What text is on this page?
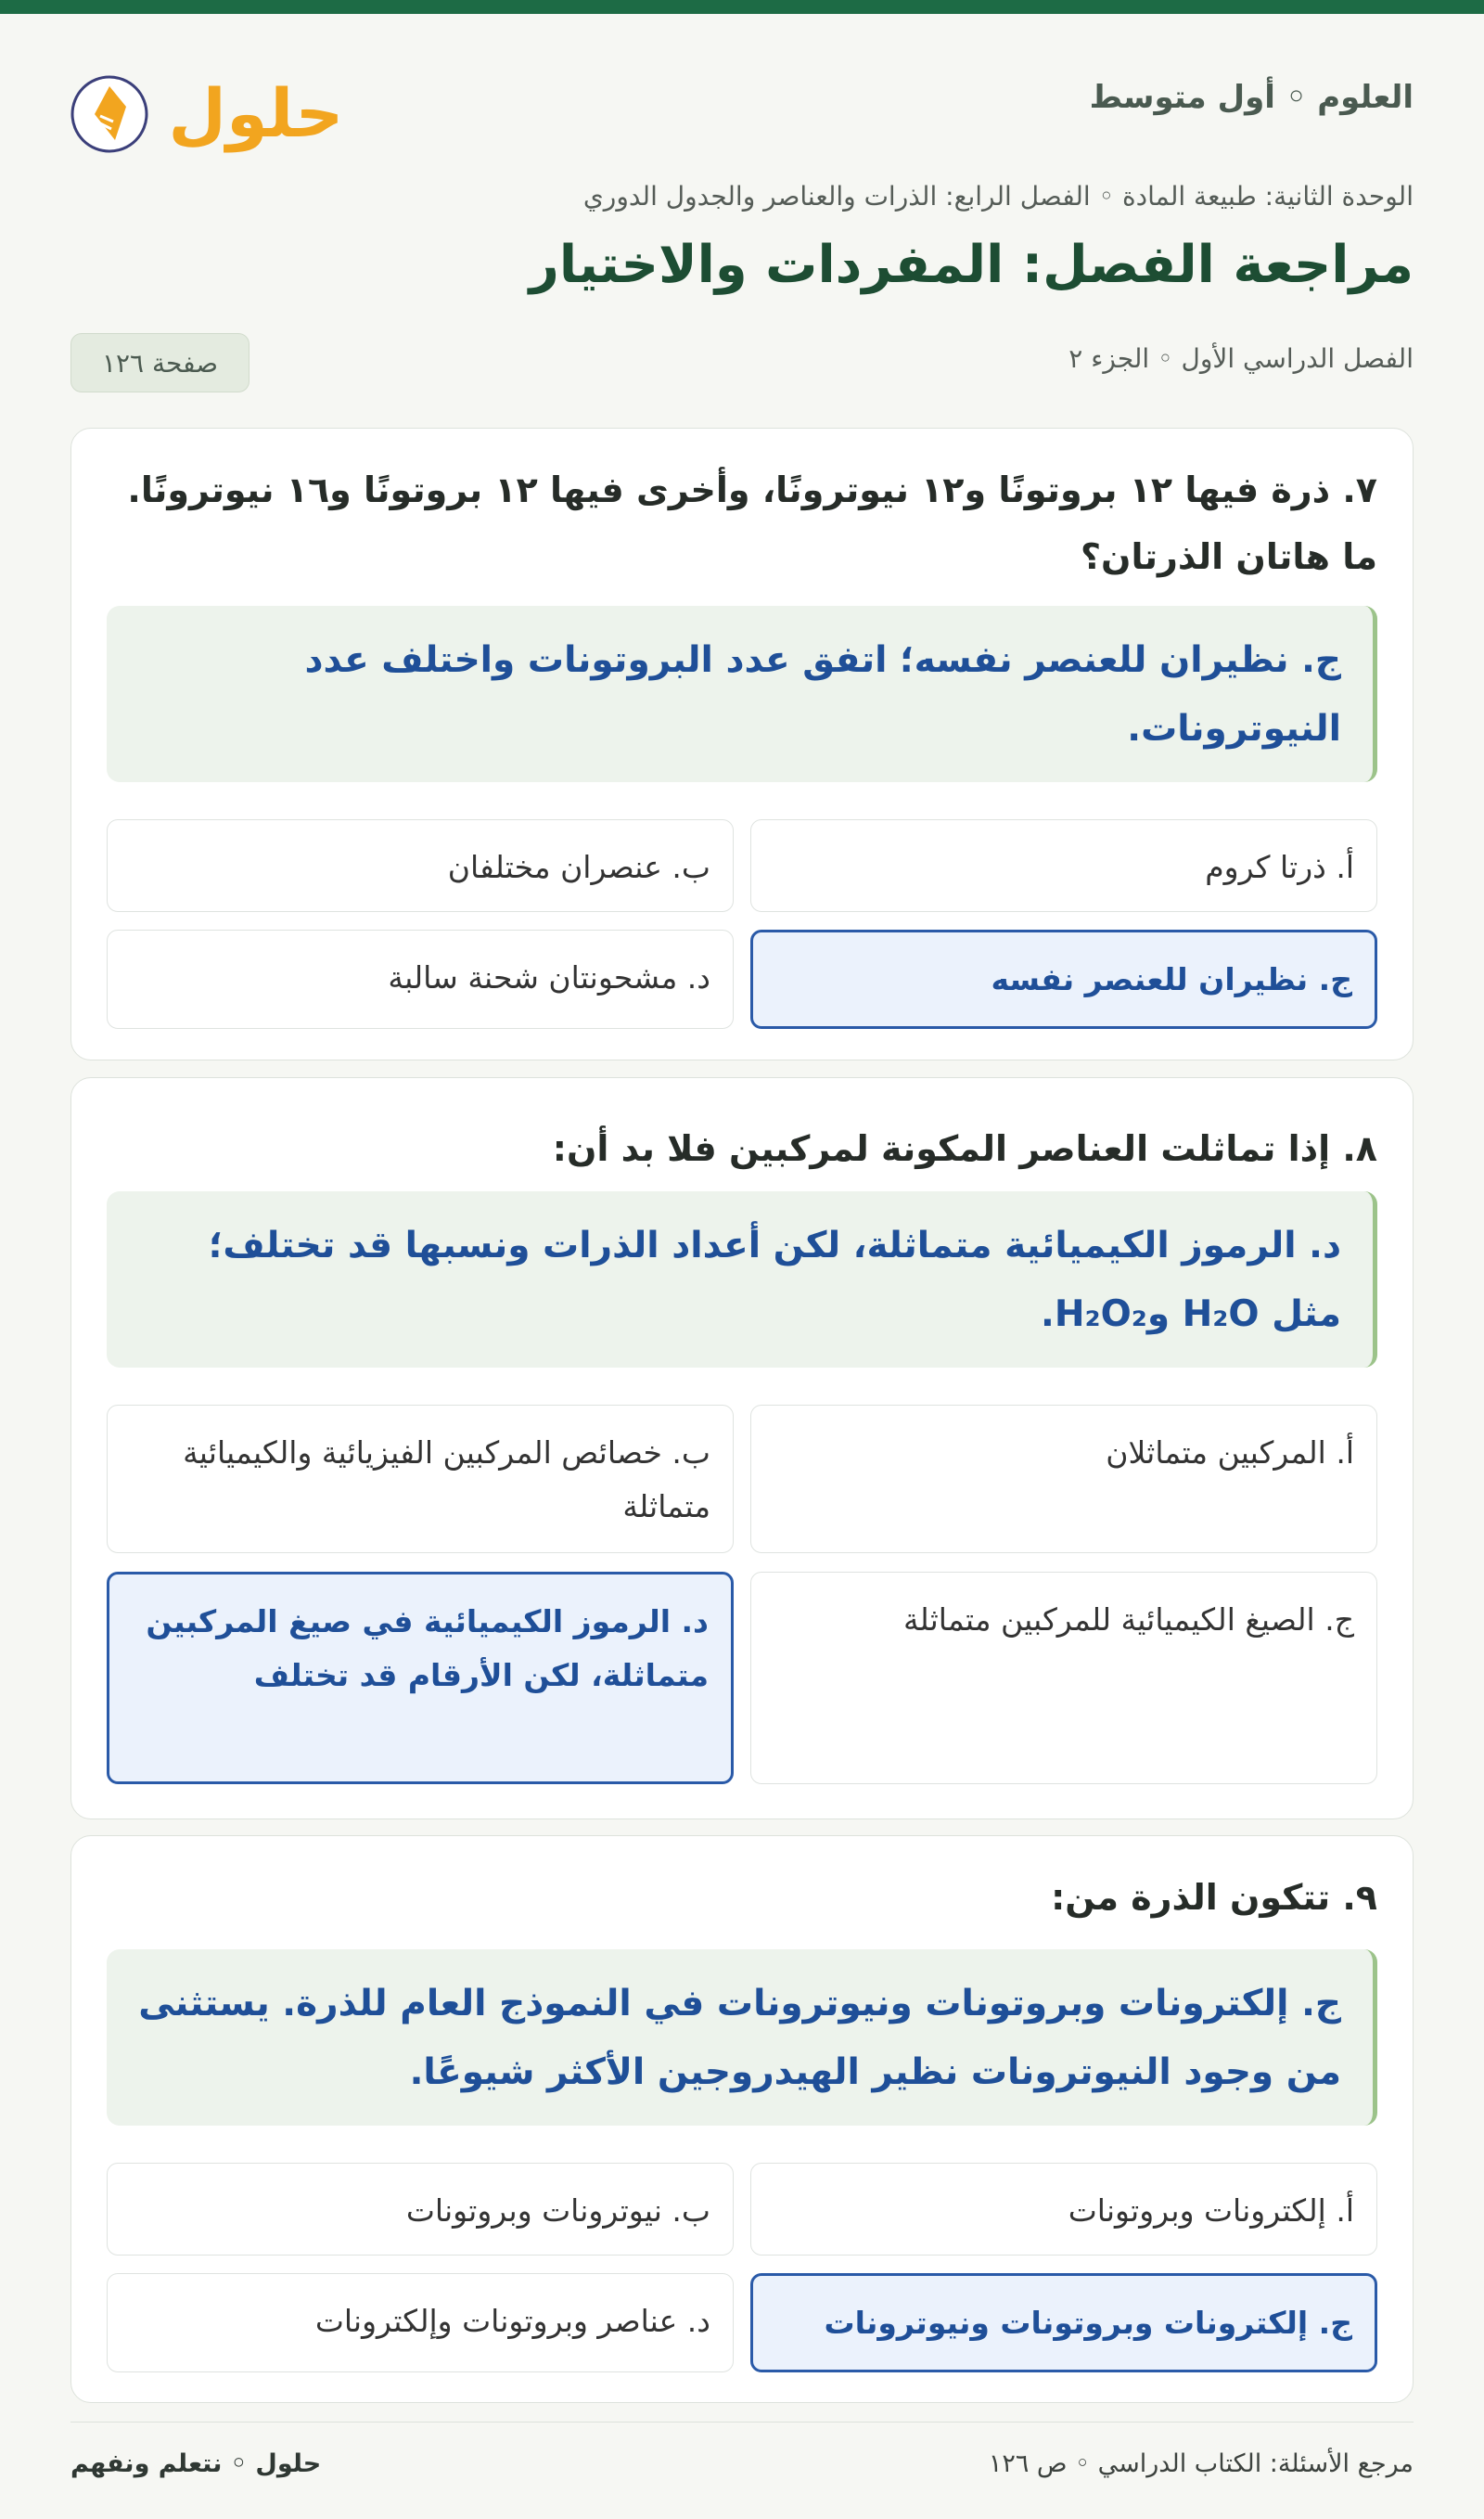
حلول	العلوم ◦ أول متوسط
الوحدة الثانية: طبيعة المادة ◦ الفصل الرابع: الذرات والعناصر والجدول الدوري
مراجعة الفصل: المفردات والاختيار
الفصل الدراسي الأول ◦ الجزء ٢
صفحة ١٢٦
٧. ذرة فيها ١٢ بروتونًا و١٢ نيوترونًا، وأخرى فيها ١٢ بروتونًا و١٦ نيوترونًا. ما هاتان الذرتان؟
ج. نظيران للعنصر نفسه؛ اتفق عدد البروتونات واختلف عدد النيوترونات.
أ. ذرتا كروم
ب. عنصران مختلفان
ج. نظيران للعنصر نفسه
د. مشحونتان شحنة سالبة
٨. إذا تماثلت العناصر المكونة لمركبين فلا بد أن:
د. الرموز الكيميائية متماثلة، لكن أعداد الذرات ونسبها قد تختلف؛ مثل H₂O وH₂O₂.
أ. المركبين متماثلان
ب. خصائص المركبين الفيزيائية والكيميائية متماثلة
ج. الصيغ الكيميائية للمركبين متماثلة
د. الرموز الكيميائية في صيغ المركبين متماثلة، لكن الأرقام قد تختلف
٩. تتكون الذرة من:
ج. إلكترونات وبروتونات ونيوترونات في النموذج العام للذرة. يستثنى من وجود النيوترونات نظير الهيدروجين الأكثر شيوعًا.
أ. إلكترونات وبروتونات
ب. نيوترونات وبروتونات
ج. إلكترونات وبروتونات ونيوترونات
د. عناصر وبروتونات وإلكترونات
مرجع الأسئلة: الكتاب الدراسي ◦ ص ١٢٦
حلول ◦ نتعلم ونفهم
